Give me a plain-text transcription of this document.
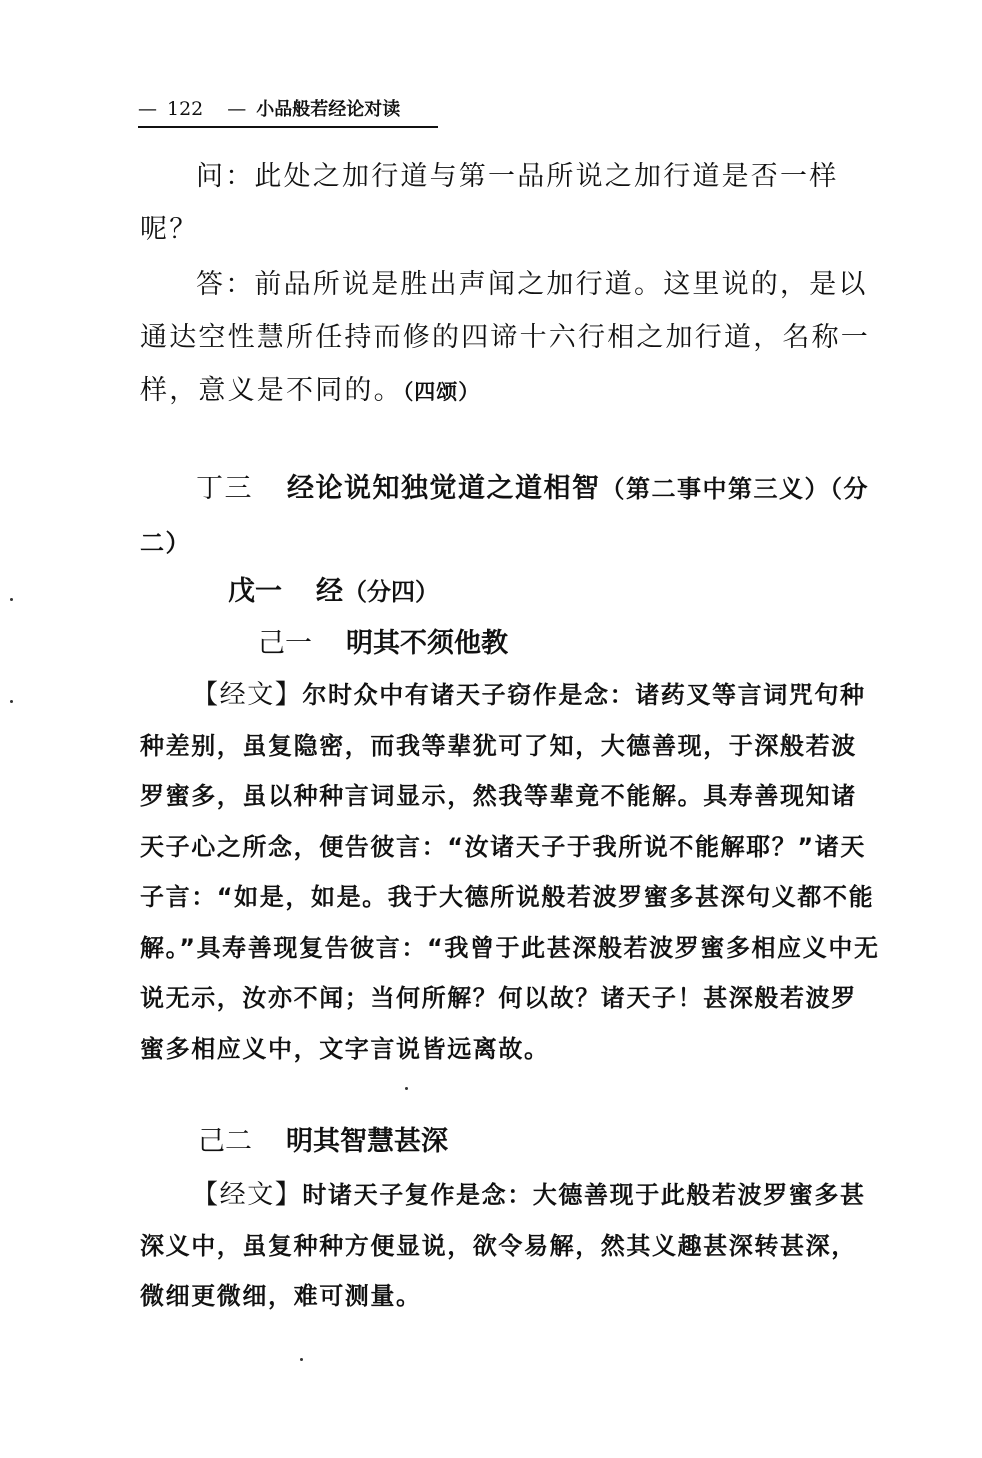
— 122 — 小品般若经论对读

问：此处之加行道与第一品所说之加行道是否一样呢？

答：前品所说是胜出声闻之加行道。这里说的，是以通达空性慧所任持而修的四谛十六行相之加行道，名称一样，意义是不同的。（四颂）

丁三 经论说知独觉道之道相智（第二事中第三义）（分二）
戊一 经（分四）
己一 明其不须他教

【经文】尔时众中有诸天子窃作是念：诸药叉等言词咒句种种差别，虽复隐密，而我等辈犹可了知，大德善现，于深般若波罗蜜多，虽以种种言词显示，然我等辈竟不能解。具寿善现知诸天子心之所念，便告彼言：“汝诸天子于我所说不能解耶？”诸天子言：“如是，如是。我于大德所说般若波罗蜜多甚深句义都不能解。”具寿善现复告彼言：“我曾于此甚深般若波罗蜜多相应义中无说无示，汝亦不闻；当何所解？何以故？诸天子！甚深般若波罗蜜多相应义中，文字言说皆远离故。

己二 明其智慧甚深

【经文】时诸天子复作是念：大德善现于此般若波罗蜜多甚深义中，虽复种种方便显说，欲令易解，然其义趣甚深转甚深，微细更微细，难可测量。
